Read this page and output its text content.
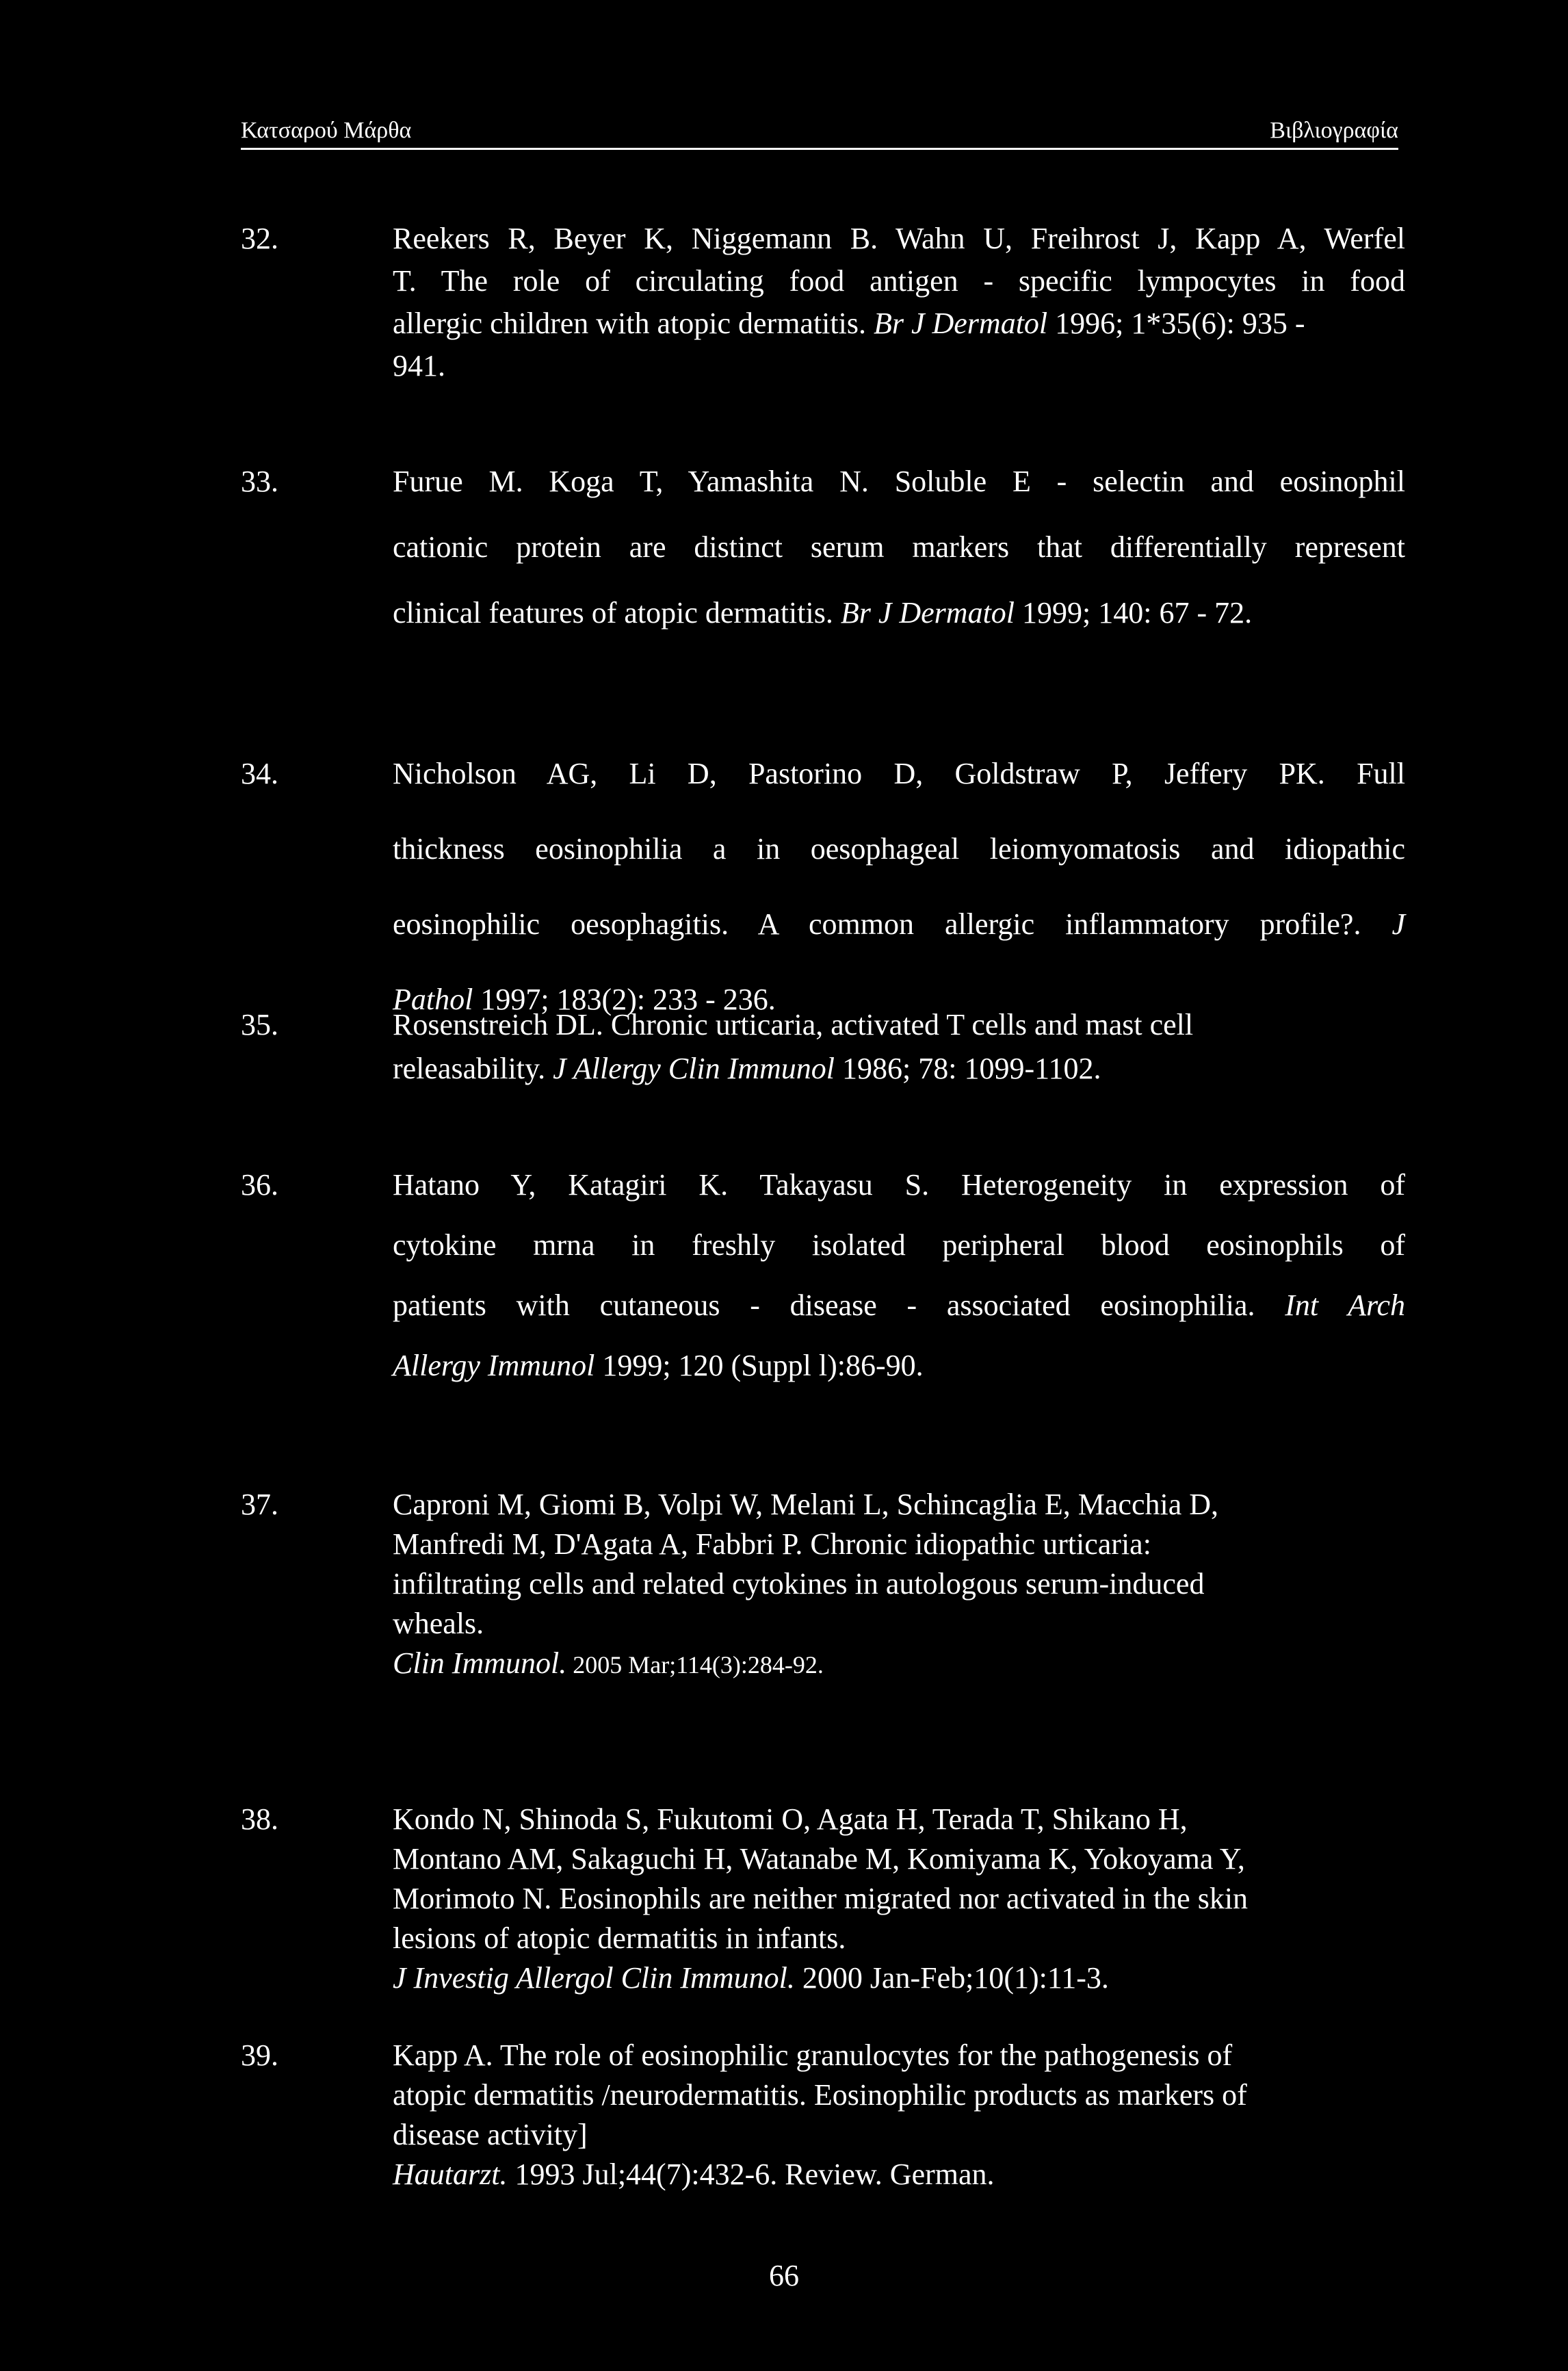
Κατσαρού Μάρθα	Βιβλιογραφία
32.	Reekers R, Beyer K, Niggemann B. Wahn U, Freihrost J, Kapp A, Werfel
T. The role of circulating food antigen - specific lympocytes in food
allergic children with atopic dermatitis. Br J Dermatol 1996; 1*35(6): 935 -
941.
33.	Furue M. Koga T, Yamashita N. Soluble E - selectin and eosinophil
cationic protein are distinct serum markers that differentially represent
clinical features of atopic dermatitis. Br J Dermatol 1999; 140: 67 - 72.
34.	Nicholson AG, Li D, Pastorino D, Goldstraw P, Jeffery PK. Full
thickness eosinophilia a in oesophageal leiomyomatosis and idiopathic
eosinophilic oesophagitis. A common allergic inflammatory profile?. J
Pathol 1997; 183(2): 233 - 236.
35.	Rosenstreich DL. Chronic urticaria, activated T cells and mast cell
releasability. J Allergy Clin Immunol 1986; 78: 1099-1102.
36.	Hatano Y, Katagiri K. Takayasu S. Heterogeneity in expression of
cytokine mrna in freshly isolated peripheral blood eosinophils of
patients with cutaneous - disease - associated eosinophilia. Int Arch
Allergy Immunol 1999; 120 (Suppl l):86-90.
37.	Caproni M, Giomi B, Volpi W, Melani L, Schincaglia E, Macchia D,
Manfredi M, D'Agata A, Fabbri P. Chronic idiopathic urticaria:
infiltrating cells and related cytokines in autologous serum-induced
wheals.
Clin Immunol. 2005 Mar;114(3):284-92.
38.	Kondo N, Shinoda S, Fukutomi O, Agata H, Terada T, Shikano H,
Montano AM, Sakaguchi H, Watanabe M, Komiyama K, Yokoyama Y,
Morimoto N. Eosinophils are neither migrated nor activated in the skin
lesions of atopic dermatitis in infants.
J Investig Allergol Clin Immunol. 2000 Jan-Feb;10(1):11-3.
39.	Kapp A. The role of eosinophilic granulocytes for the pathogenesis of
atopic dermatitis /neurodermatitis. Eosinophilic products as markers of
disease activity]
Hautarzt. 1993 Jul;44(7):432-6. Review. German.
66
